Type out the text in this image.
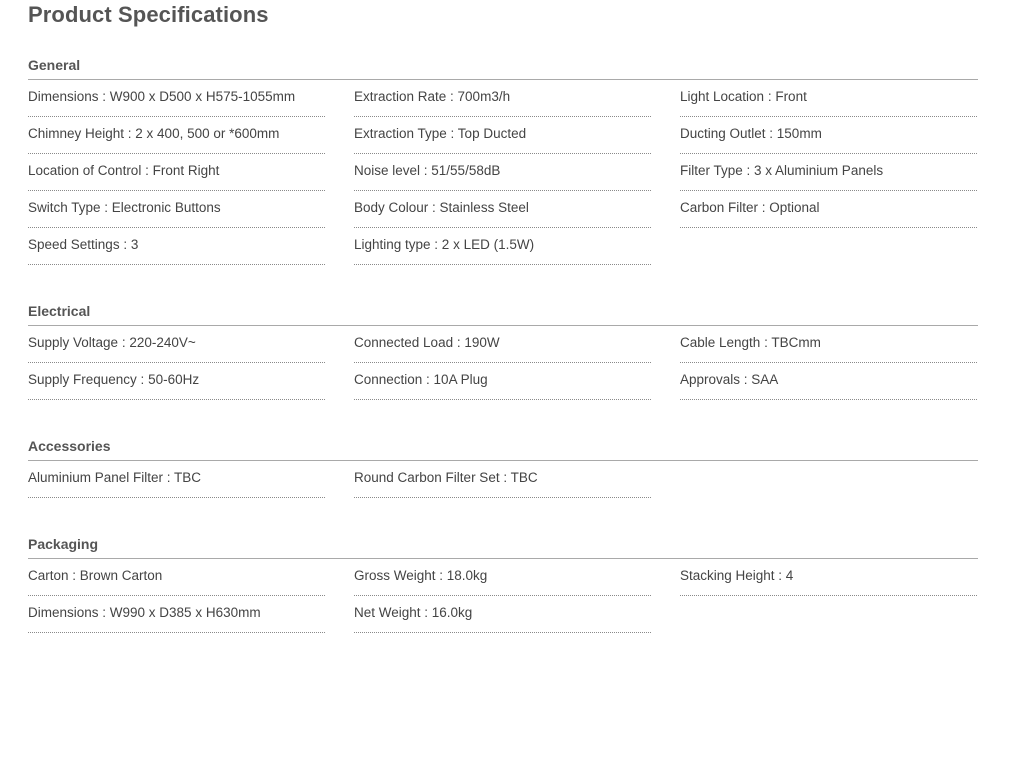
Product Specifications
General
Dimensions : W900 x D500 x H575-1055mm
Chimney Height : 2 x 400, 500 or *600mm
Location of Control : Front Right
Switch Type : Electronic Buttons
Speed Settings : 3
Extraction Rate : 700m3/h
Extraction Type : Top Ducted
Noise level : 51/55/58dB
Body Colour : Stainless Steel
Lighting type : 2 x LED (1.5W)
Light Location : Front
Ducting Outlet : 150mm
Filter Type : 3 x Aluminium Panels
Carbon Filter : Optional
Electrical
Supply Voltage : 220-240V~
Supply Frequency : 50-60Hz
Connected Load : 190W
Connection : 10A Plug
Cable Length : TBCmm
Approvals : SAA
Accessories
Aluminium Panel Filter : TBC	Round Carbon Filter Set : TBC
Packaging
Carton : Brown Carton
Dimensions : W990 x D385 x H630mm
Gross Weight : 18.0kg
Net Weight : 16.0kg
Stacking Height : 4
